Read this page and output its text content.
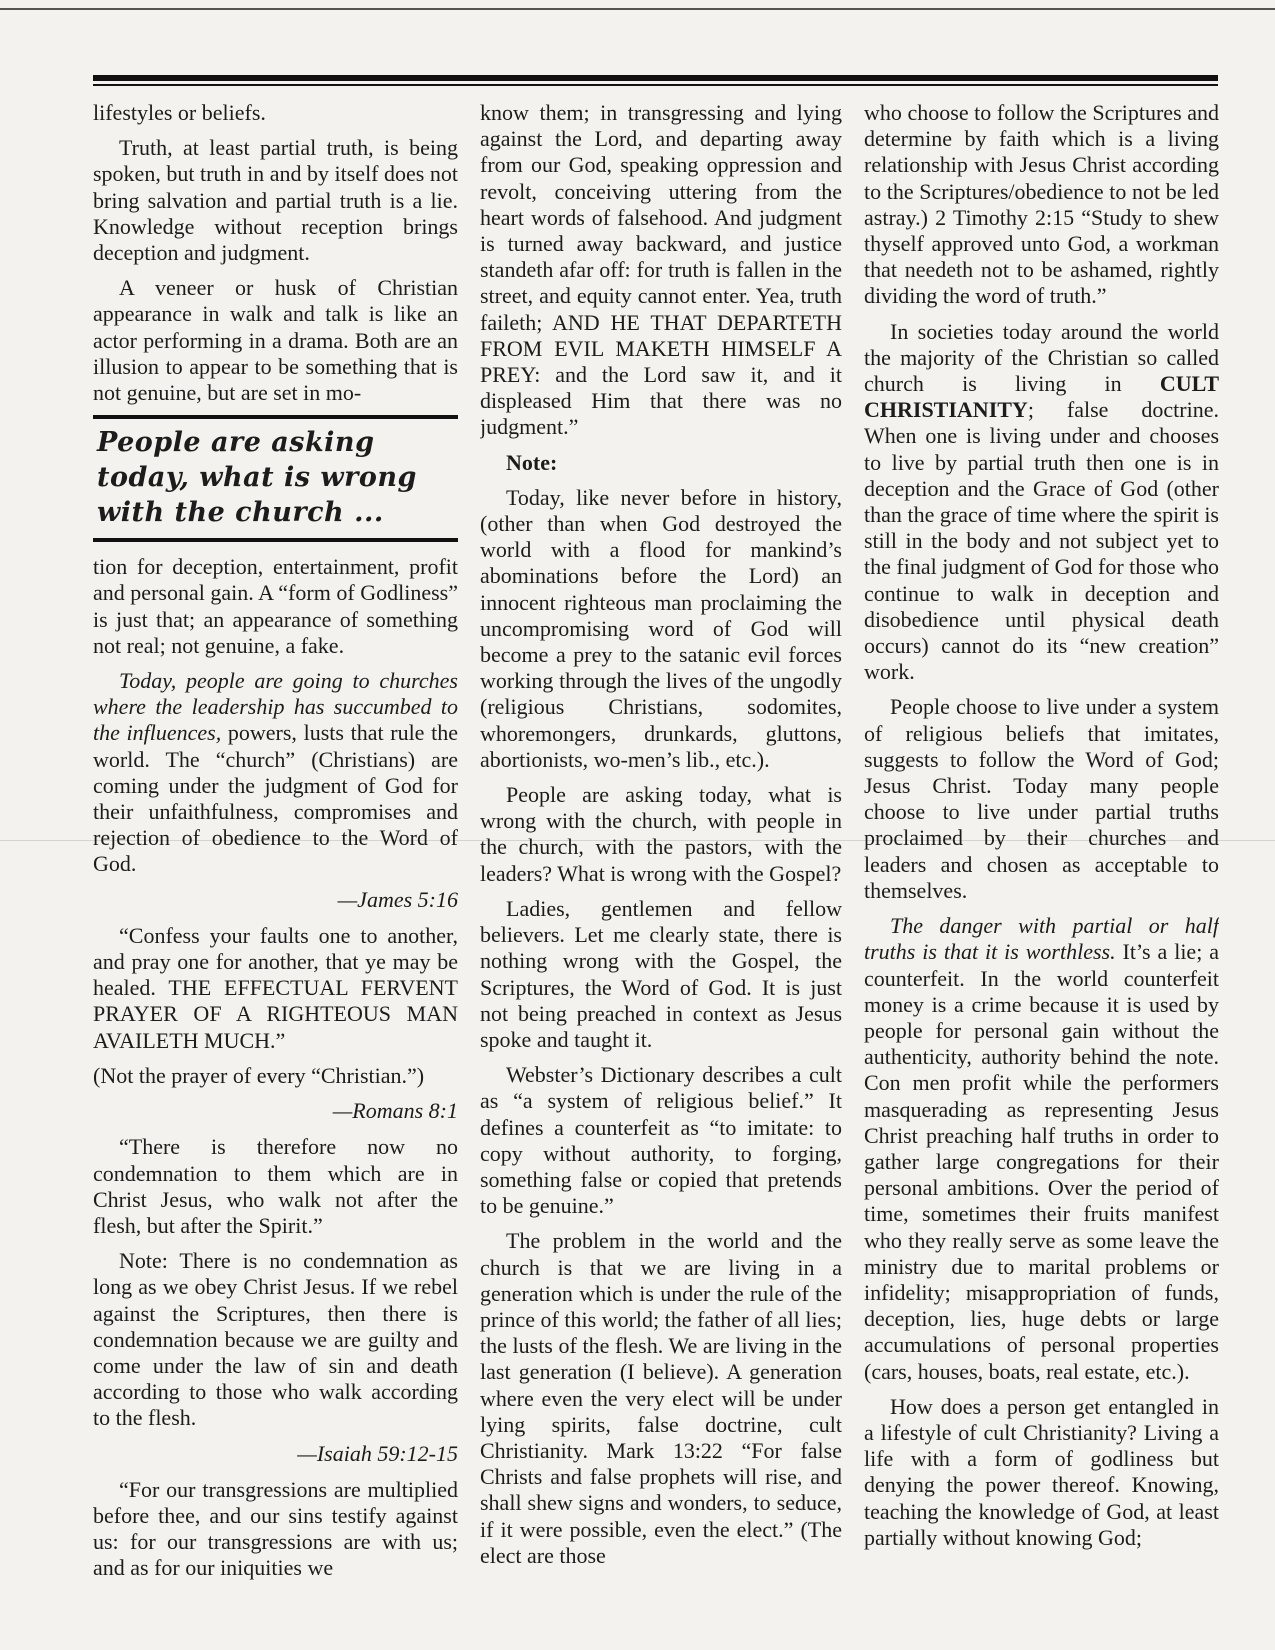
lifestyles or beliefs.

Truth, at least partial truth, is being spoken, but truth in and by itself does not bring salvation and partial truth is a lie. Knowledge without reception brings deception and judgment.

A veneer or husk of Christian appearance in walk and talk is like an actor performing in a drama. Both are an illusion to appear to be something that is not genuine, but are set in mo-

People are asking today, what is wrong with the church ...

tion for deception, entertainment, profit and personal gain. A “form of Godliness” is just that; an appearance of something not real; not genuine, a fake.

Today, people are going to churches where the leadership has succumbed to the influences, powers, lusts that rule the world. The “church” (Christians) are coming under the judgment of God for their unfaithfulness, compromises and rejection of obedience to the Word of God.

—James 5:16

“Confess your faults one to another, and pray one for another, that ye may be healed. THE EFFECTUAL FERVENT PRAYER OF A RIGHTEOUS MAN AVAILETH MUCH.”

(Not the prayer of every “Christian.”)

—Romans 8:1

“There is therefore now no condemnation to them which are in Christ Jesus, who walk not after the flesh, but after the Spirit.”

Note: There is no condemnation as long as we obey Christ Jesus. If we rebel against the Scriptures, then there is condemnation because we are guilty and come under the law of sin and death according to those who walk according to the flesh.

—Isaiah 59:12-15

“For our transgressions are multiplied before thee, and our sins testify against us: for our transgressions are with us; and as for our iniquities we

know them; in transgressing and lying against the Lord, and departing away from our God, speaking oppression and revolt, conceiving uttering from the heart words of falsehood. And judgment is turned away backward, and justice standeth afar off: for truth is fallen in the street, and equity cannot enter. Yea, truth faileth; AND HE THAT DEPARTETH FROM EVIL MAKETH HIMSELF A PREY: and the Lord saw it, and it displeased Him that there was no judgment.”

Note:

Today, like never before in history, (other than when God destroyed the world with a flood for mankind’s abominations before the Lord) an innocent righteous man proclaiming the uncompromising word of God will become a prey to the satanic evil forces working through the lives of the ungodly (religious Christians, sodomites, whoremongers, drunkards, gluttons, abortionists, wo-men’s lib., etc.).

People are asking today, what is wrong with the church, with people in the church, with the pastors, with the leaders? What is wrong with the Gospel?

Ladies, gentlemen and fellow believers. Let me clearly state, there is nothing wrong with the Gospel, the Scriptures, the Word of God. It is just not being preached in context as Jesus spoke and taught it.

Webster’s Dictionary describes a cult as “a system of religious belief.” It defines a counterfeit as “to imitate: to copy without authority, to forging, something false or copied that pretends to be genuine.”

The problem in the world and the church is that we are living in a generation which is under the rule of the prince of this world; the father of all lies; the lusts of the flesh. We are living in the last generation (I believe). A generation where even the very elect will be under lying spirits, false doctrine, cult Christianity. Mark 13:22 “For false Christs and false prophets will rise, and shall shew signs and wonders, to seduce, if it were possible, even the elect.” (The elect are those

who choose to follow the Scriptures and determine by faith which is a living relationship with Jesus Christ according to the Scriptures/obedience to not be led astray.) 2 Timothy 2:15 “Study to shew thyself approved unto God, a workman that needeth not to be ashamed, rightly dividing the word of truth.”

In societies today around the world the majority of the Christian so called church is living in CULT CHRISTIANITY; false doctrine. When one is living under and chooses to live by partial truth then one is in deception and the Grace of God (other than the grace of time where the spirit is still in the body and not subject yet to the final judgment of God for those who continue to walk in deception and disobedience until physical death occurs) cannot do its “new creation” work.

People choose to live under a system of religious beliefs that imitates, suggests to follow the Word of God; Jesus Christ. Today many people choose to live under partial truths proclaimed by their churches and leaders and chosen as acceptable to themselves.

The danger with partial or half truths is that it is worthless. It’s a lie; a counterfeit. In the world counterfeit money is a crime because it is used by people for personal gain without the authenticity, authority behind the note. Con men profit while the performers masquerading as representing Jesus Christ preaching half truths in order to gather large congregations for their personal ambitions. Over the period of time, sometimes their fruits manifest who they really serve as some leave the ministry due to marital problems or infidelity; misappropriation of funds, deception, lies, huge debts or large accumulations of personal properties (cars, houses, boats, real estate, etc.).

How does a person get entangled in a lifestyle of cult Christianity? Living a life with a form of godliness but denying the power thereof. Knowing, teaching the knowledge of God, at least partially without knowing God;
